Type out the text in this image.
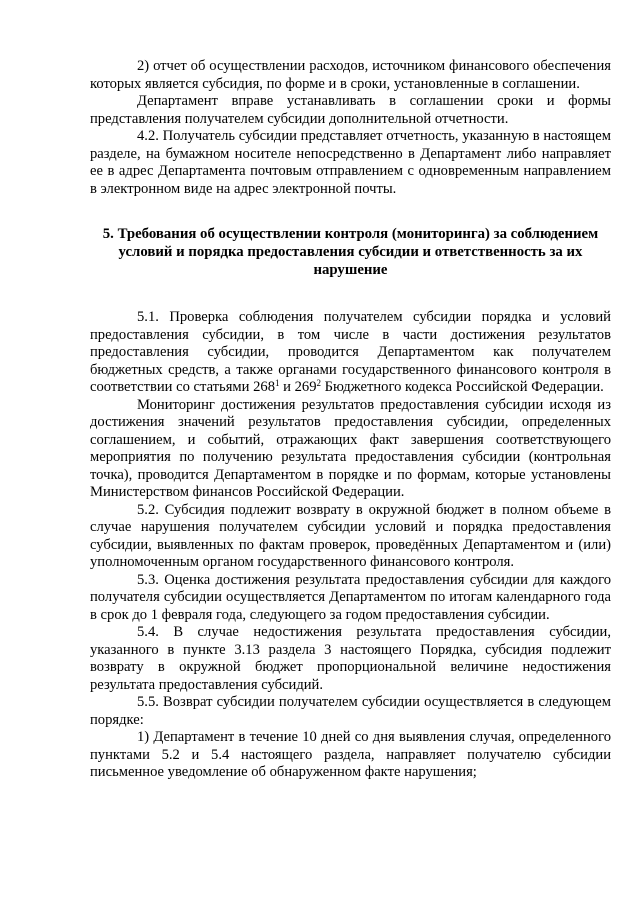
2) отчет об осуществлении расходов, источником финансового обеспечения которых является субсидия, по форме и в сроки, установленные в соглашении.

Департамент вправе устанавливать в соглашении сроки и формы представления получателем субсидии дополнительной отчетности.

4.2. Получатель субсидии представляет отчетность, указанную в настоящем разделе, на бумажном носителе непосредственно в Департамент либо направляет ее в адрес Департамента почтовым отправлением с одновременным направлением в электронном виде на адрес электронной почты.

5. Требования об осуществлении контроля (мониторинга) за соблюдением условий и порядка предоставления субсидии и ответственность за их нарушение

5.1. Проверка соблюдения получателем субсидии порядка и условий предоставления субсидии, в том числе в части достижения результатов предоставления субсидии, проводится Департаментом как получателем бюджетных средств, а также органами государственного финансового контроля в соответствии со статьями $268^1$ и $269^2$ Бюджетного кодекса Российской Федерации.

Мониторинг достижения результатов предоставления субсидии исходя из достижения значений результатов предоставления субсидии, определенных соглашением, и событий, отражающих факт завершения соответствующего мероприятия по получению результата предоставления субсидии (контрольная точка), проводится Департаментом в порядке и по формам, которые установлены Министерством финансов Российской Федерации.

5.2. Субсидия подлежит возврату в окружной бюджет в полном объеме в случае нарушения получателем субсидии условий и порядка предоставления субсидии, выявленных по фактам проверок, проведённых Департаментом и (или) уполномоченным органом государственного финансового контроля.

5.3. Оценка достижения результата предоставления субсидии для каждого получателя субсидии осуществляется Департаментом по итогам календарного года в срок до 1 февраля года, следующего за годом предоставления субсидии.

5.4. В случае недостижения результата предоставления субсидии, указанного в пункте 3.13 раздела 3 настоящего Порядка, субсидия подлежит возврату в окружной бюджет пропорциональной величине недостижения результата предоставления субсидий.

5.5. Возврат субсидии получателем субсидии осуществляется в следующем порядке:

1) Департамент в течение 10 дней со дня выявления случая, определенного пунктами 5.2 и 5.4 настоящего раздела, направляет получателю субсидии письменное уведомление об обнаруженном факте нарушения;
